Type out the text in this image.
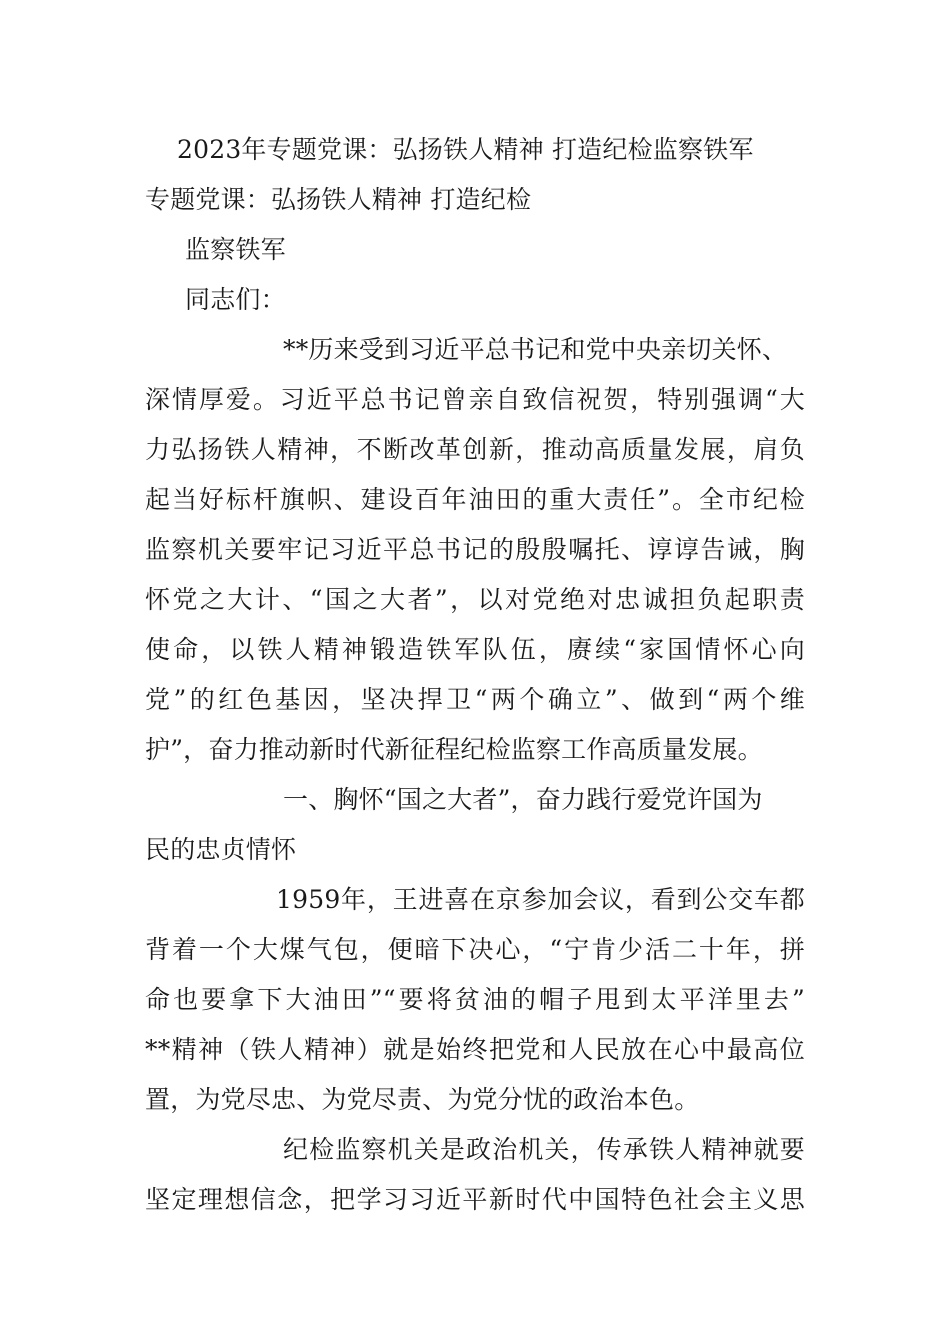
2023年专题党课：弘扬铁人精神 打造纪检监察铁军
专题党课：弘扬铁人精神 打造纪检
监察铁军
同志们：
**历来受到习近平总书记和党中央亲切关怀、
深情厚爱。习近平总书记曾亲自致信祝贺，特别强调“大
力弘扬铁人精神，不断改革创新，推动高质量发展，肩负
起当好标杆旗帜、建设百年油田的重大责任”。全市纪检
监察机关要牢记习近平总书记的殷殷嘱托、谆谆告诫，胸
怀党之大计、“国之大者”，以对党绝对忠诚担负起职责
使命，以铁人精神锻造铁军队伍，赓续“家国情怀心向
党”的红色基因，坚决捍卫“两个确立”、做到“两个维
护”，奋力推动新时代新征程纪检监察工作高质量发展。
一、胸怀“国之大者”，奋力践行爱党许国为
民的忠贞情怀
1959年，王进喜在京参加会议，看到公交车都
背着一个大煤气包，便暗下决心，“宁肯少活二十年，拼
命也要拿下大油田”“要将贫油的帽子甩到太平洋里去”
**精神（铁人精神）就是始终把党和人民放在心中最高位
置，为党尽忠、为党尽责、为党分忧的政治本色。
纪检监察机关是政治机关，传承铁人精神就要
坚定理想信念，把学习习近平新时代中国特色社会主义思
